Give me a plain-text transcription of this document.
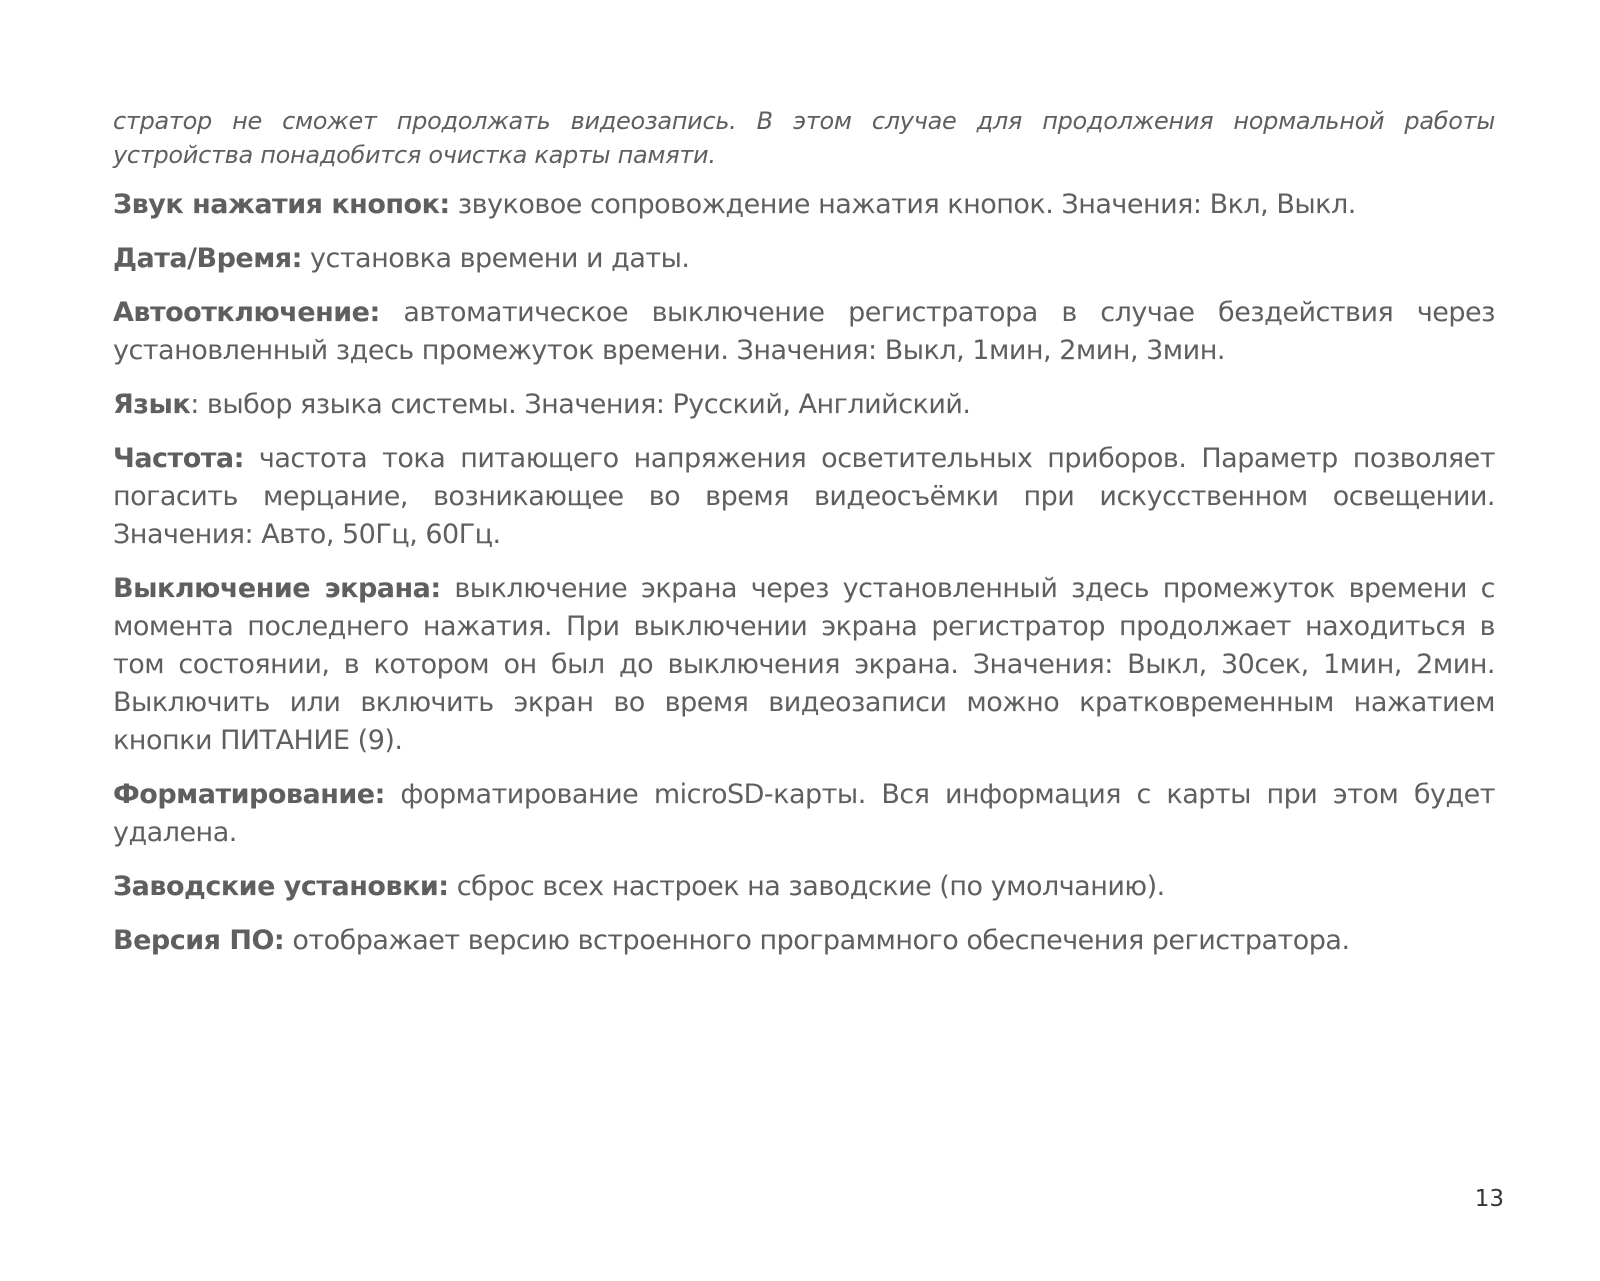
стратор не сможет продолжать видеозапись. В этом случае для продолжения нормальной работы устройства понадобится очистка карты памяти.

Звук нажатия кнопок: звуковое сопровождение нажатия кнопок. Значения: Вкл, Выкл.

Дата/Время: установка времени и даты.

Автоотключение: автоматическое выключение регистратора в случае бездействия через установленный здесь промежуток времени. Значения: Выкл, 1мин, 2мин, 3мин.

Язык: выбор языка системы. Значения: Русский, Английский.

Частота: частота тока питающего напряжения осветительных приборов. Параметр позволяет погасить мерцание, возникающее во время видеосъёмки при искусственном освещении. Значения: Авто, 50Гц, 60Гц.

Выключение экрана: выключение экрана через установленный здесь промежуток времени с момента последнего нажатия. При выключении экрана регистратор продолжает находиться в том состоянии, в котором он был до выключения экрана. Значения: Выкл, 30сек, 1мин, 2мин. Выключить или включить экран во время видеозаписи можно кратковременным нажатием кнопки ПИТАНИЕ (9).

Форматирование: форматирование microSD-карты. Вся информация с карты при этом будет удалена.

Заводские установки: сброс всех настроек на заводские (по умолчанию).

Версия ПО: отображает версию встроенного программного обеспечения регистратора.

13
